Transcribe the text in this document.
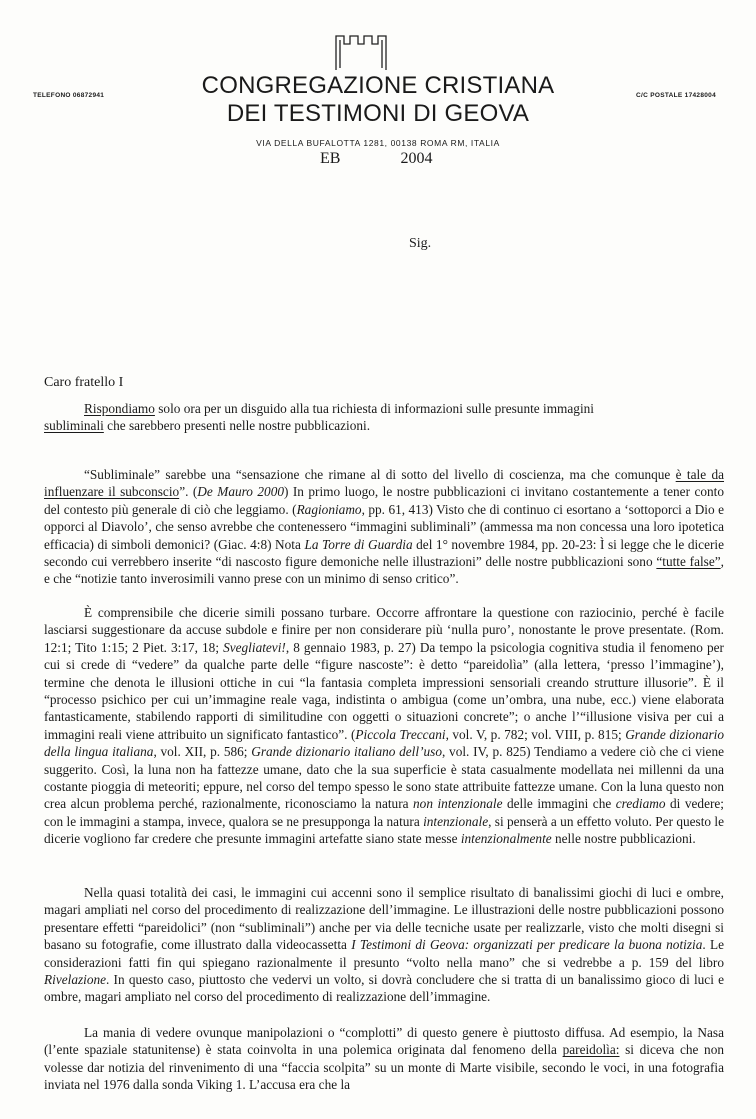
TELEFONO 06872941	C/C POSTALE 17428004
CONGREGAZIONE CRISTIANA
DEI TESTIMONI DI GEOVA
VIA DELLA BUFALOTTA 1281, 00138 ROMA RM, ITALIA
EB	2004
Sig.
Caro fratello I

Rispondiamo solo ora per un disguido alla tua richiesta di informazioni sulle presunte immagini
subliminali che sarebbero presenti nelle nostre pubblicazioni.

“Subliminale” sarebbe una “sensazione che rimane al di sotto del livello di coscienza, ma che comunque è tale da influenzare il subconscio”. (De Mauro 2000) In primo luogo, le nostre pubblicazioni ci invitano costantemente a tener conto del contesto più generale di ciò che leggiamo. (Ragioniamo, pp. 61, 413) Visto che di continuo ci esortano a ‘sottoporci a Dio e opporci al Diavolo’, che senso avrebbe che contenessero “immagini subliminali” (ammessa ma non concessa una loro ipotetica efficacia) di simboli demonici? (Giac. 4:8) Nota La Torre di Guardia del 1° novembre 1984, pp. 20-23: Ì si legge che le dicerie secondo cui verrebbero inserite “di nascosto figure demoniche nelle illustrazioni” delle nostre pubblicazioni sono “tutte false”, e che “notizie tanto inverosimili vanno prese con un minimo di senso critico”.

È comprensibile che dicerie simili possano turbare. Occorre affrontare la questione con raziocinio, perché è facile lasciarsi suggestionare da accuse subdole e finire per non considerare più ‘nulla puro’, nonostante le prove presentate. (Rom. 12:1; Tito 1:15; 2 Piet. 3:17, 18; Svegliatevi!, 8 gennaio 1983, p. 27) Da tempo la psicologia cognitiva studia il fenomeno per cui si crede di “vedere” da qualche parte delle “figure nascoste”: è detto “pareidolìa” (alla lettera, ‘presso l’immagine’), termine che denota le illusioni ottiche in cui “la fantasia completa impressioni sensoriali creando strutture illusorie”. È il “processo psichico per cui un’immagine reale vaga, indistinta o ambigua (come un’ombra, una nube, ecc.) viene elaborata fantasticamente, stabilendo rapporti di similitudine con oggetti o situazioni concrete”; o anche l’“illusione visiva per cui a immagini reali viene attribuito un significato fantastico”. (Piccola Treccani, vol. V, p. 782; vol. VIII, p. 815; Grande dizionario della lingua italiana, vol. XII, p. 586; Grande dizionario italiano dell’uso, vol. IV, p. 825) Tendiamo a vedere ciò che ci viene suggerito. Così, la luna non ha fattezze umane, dato che la sua superficie è stata casualmente modellata nei millenni da una costante pioggia di meteoriti; eppure, nel corso del tempo spesso le sono state attribuite fattezze umane. Con la luna questo non crea alcun problema perché, razionalmente, riconosciamo la natura non intenzionale delle immagini che crediamo di vedere; con le immagini a stampa, invece, qualora se ne presupponga la natura intenzionale, si penserà a un effetto voluto. Per questo le dicerie vogliono far credere che presunte immagini artefatte siano state messe intenzionalmente nelle nostre pubblicazioni.

Nella quasi totalità dei casi, le immagini cui accenni sono il semplice risultato di banalissimi giochi di luci e ombre, magari ampliati nel corso del procedimento di realizzazione dell’immagine. Le illustrazioni delle nostre pubblicazioni possono presentare effetti “pareidolici” (non “subliminali”) anche per via delle tecniche usate per realizzarle, visto che molti disegni si basano su fotografie, come illustrato dalla videocassetta I Testimoni di Geova: organizzati per predicare la buona notizia. Le considerazioni fatti fin qui spiegano razionalmente il presunto “volto nella mano” che si vedrebbe a p. 159 del libro Rivelazione. In questo caso, piuttosto che vedervi un volto, si dovrà concludere che si tratta di un banalissimo gioco di luci e ombre, magari ampliato nel corso del procedimento di realizzazione dell’immagine.

La mania di vedere ovunque manipolazioni o “complotti” di questo genere è piuttosto diffusa. Ad esempio, la Nasa (l’ente spaziale statunitense) è stata coinvolta in una polemica originata dal fenomeno della pareidolìa: si diceva che non volesse dar notizia del rinvenimento di una “faccia scolpita” su un monte di Marte visibile, secondo le voci, in una fotografia inviata nel 1976 dalla sonda Viking 1. L’accusa era che la
